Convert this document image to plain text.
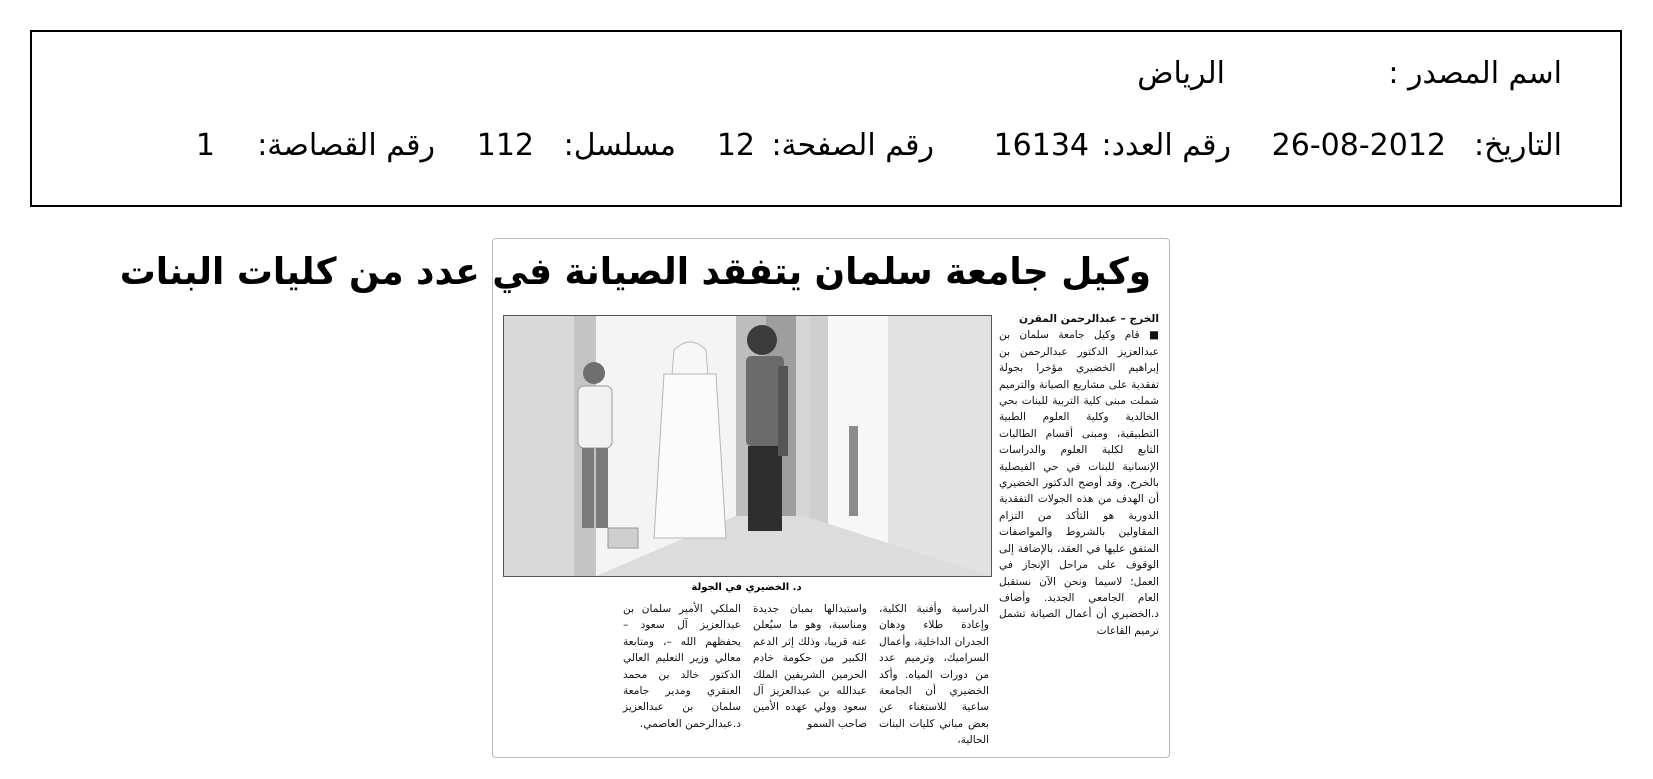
اسم المصدر :
الرياض
التاريخ:
26-08-2012
رقم العدد:
16134
رقم الصفحة:
12
مسلسل:
112
رقم القصاصة:
1
وكيل جامعة سلمان يتفقد الصيانة في عدد من كليات البنات
د. الخضيري في الجولة
الخرج – عبدالرحمن المقرن
■ قام وكيل جامعة سلمان بن عبدالعزيز الدكتور عبدالرحمن بن إبراهيم الخضيري مؤخرا بجولة تفقدية على مشاريع الصيانة والترميم شملت مبنى كلية التربية للبنات بحي الخالدية وكلية العلوم الطبية التطبيقية، ومبنى أقسام الطالبات التابع لكلية العلوم والدراسات الإنسانية للبنات في حي الفيصلية بالخرج. وقد أوضح الدكتور الخضيري أن الهدف من هذه الجولات التفقدية الدورية هو التأكد من التزام المقاولين بالشروط والمواصفات المتفق عليها في العقد، بالإضافة إلى الوقوف على مراحل الإنجاز في العمل؛ لاسيما ونحن الآن نستقبل العام الجامعي الجديد. وأضاف د.الخضيري أن أعمال الصيانة تشمل ترميم القاعات
الدراسية وأفنية الكلية، وإعادة طلاء ودهان الجدران الداخلية، وأعمال السراميك، وترميم عدد من دورات المياه. وأكد الخضيري أن الجامعة ساعية للاستغناء عن بعض مباني كليات البنات الحالية،
واستبدالها بمبان جديدة ومناسبة، وهو ما سيُعلن عنه قريبا، وذلك إثر الدعم الكبير من حكومة خادم الحرمين الشريفين الملك عبدالله بن عبدالعزيز آل سعود وولي عهده الأمين صاحب السمو
الملكي الأمير سلمان بن عبدالعزيز آل سعود – يحفظهم الله –، ومتابعة معالي وزير التعليم العالي الدكتور خالد بن محمد العنقري ومدير جامعة سلمان بن عبدالعزيز د.عبدالرحمن العاصمي.
